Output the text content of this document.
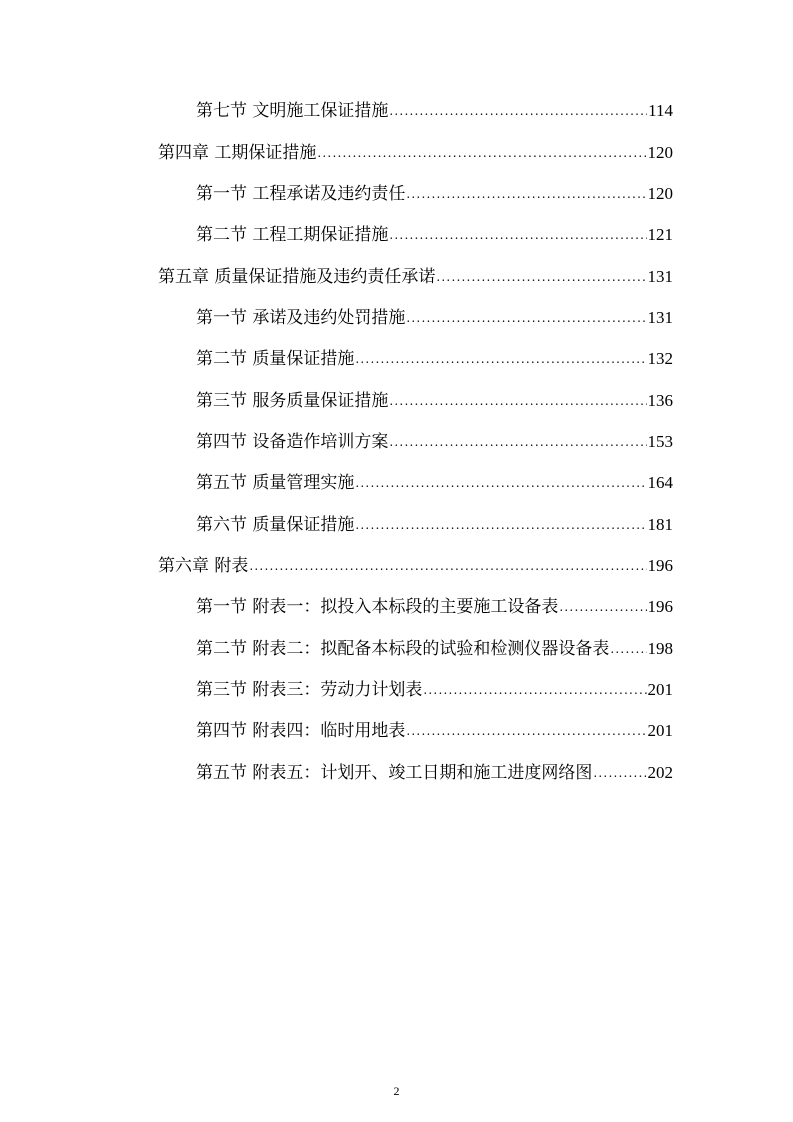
第七节 文明施工保证措施 .....	114
第四章 工期保证措施 .....	120
第一节 工程承诺及违约责任 .....	120
第二节 工程工期保证措施 .....	121
第五章 质量保证措施及违约责任承诺 .....	131
第一节 承诺及违约处罚措施 .....	131
第二节 质量保证措施 .....	132
第三节 服务质量保证措施 .....	136
第四节 设备造作培训方案 .....	153
第五节 质量管理实施 .....	164
第六节 质量保证措施 .....	181
第六章 附表 .....	196
第一节 附表一：拟投入本标段的主要施工设备表 .....	196
第二节 附表二：拟配备本标段的试验和检测仪器设备表 ..... 198
第三节 附表三：劳动力计划表 .....	201
第四节 附表四：临时用地表 .....	201
第五节 附表五：计划开、竣工日期和施工进度网络图 .....	202
2
